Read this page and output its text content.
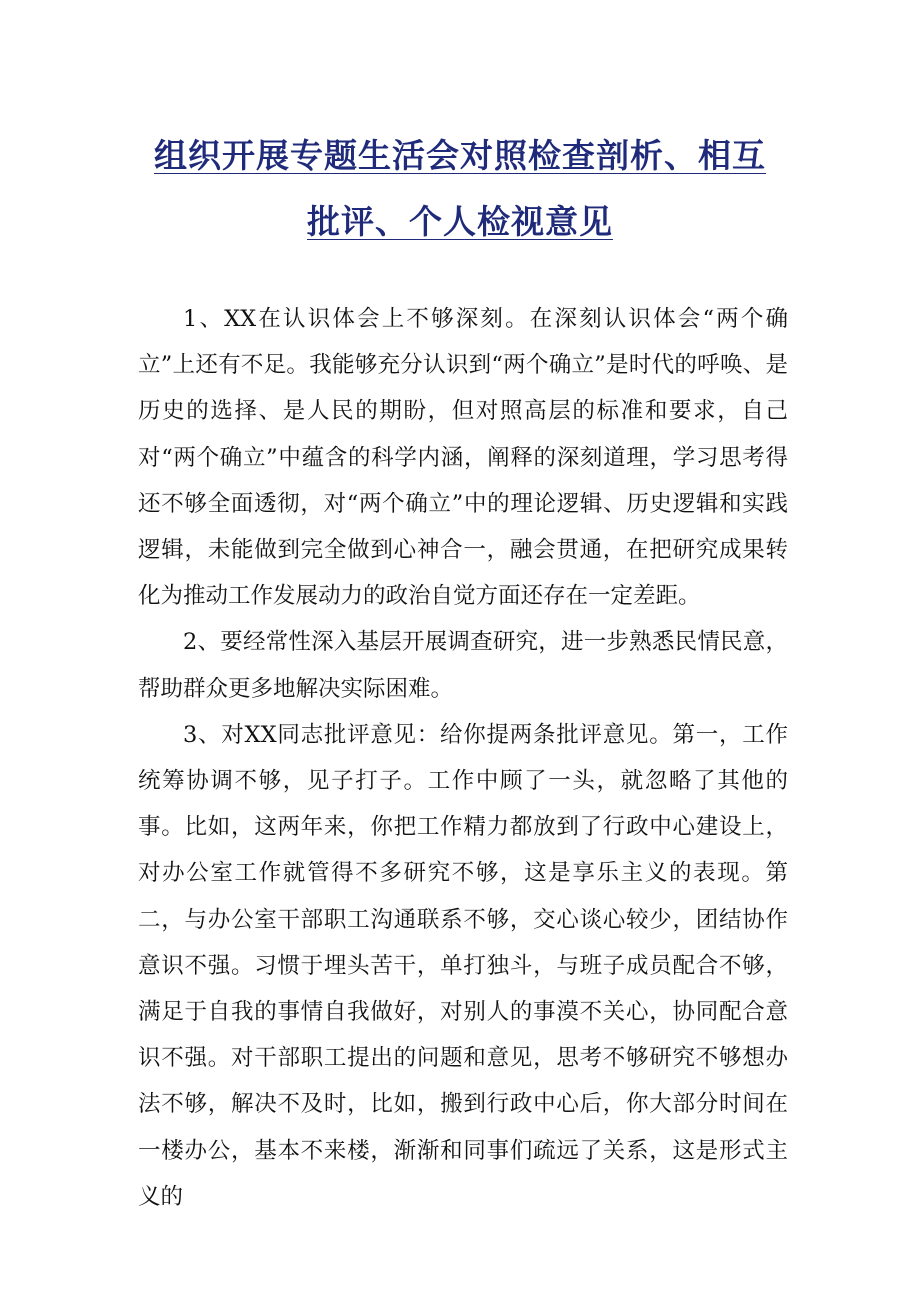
组织开展专题生活会对照检查剖析、相互
批评、个人检视意见

1、XX在认识体会上不够深刻。在深刻认识体会“两个确立”上还有不足。我能够充分认识到“两个确立”是时代的呼唤、是历史的选择、是人民的期盼，但对照高层的标准和要求，自己对“两个确立”中蕴含的科学内涵，阐释的深刻道理，学习思考得还不够全面透彻，对“两个确立”中的理论逻辑、历史逻辑和实践逻辑，未能做到完全做到心神合一，融会贯通，在把研究成果转化为推动工作发展动力的政治自觉方面还存在一定差距。

2、要经常性深入基层开展调查研究，进一步熟悉民情民意，帮助群众更多地解决实际困难。

3、对XX同志批评意见：给你提两条批评意见。第一，工作统筹协调不够，见子打子。工作中顾了一头，就忽略了其他的事。比如，这两年来，你把工作精力都放到了行政中心建设上，对办公室工作就管得不多研究不够，这是享乐主义的表现。第二，与办公室干部职工沟通联系不够，交心谈心较少，团结协作意识不强。习惯于埋头苦干，单打独斗，与班子成员配合不够，满足于自我的事情自我做好，对别人的事漠不关心，协同配合意识不强。对干部职工提出的问题和意见，思考不够研究不够想办法不够，解决不及时，比如，搬到行政中心后，你大部分时间在一楼办公，基本不来楼，渐渐和同事们疏远了关系，这是形式主义的
